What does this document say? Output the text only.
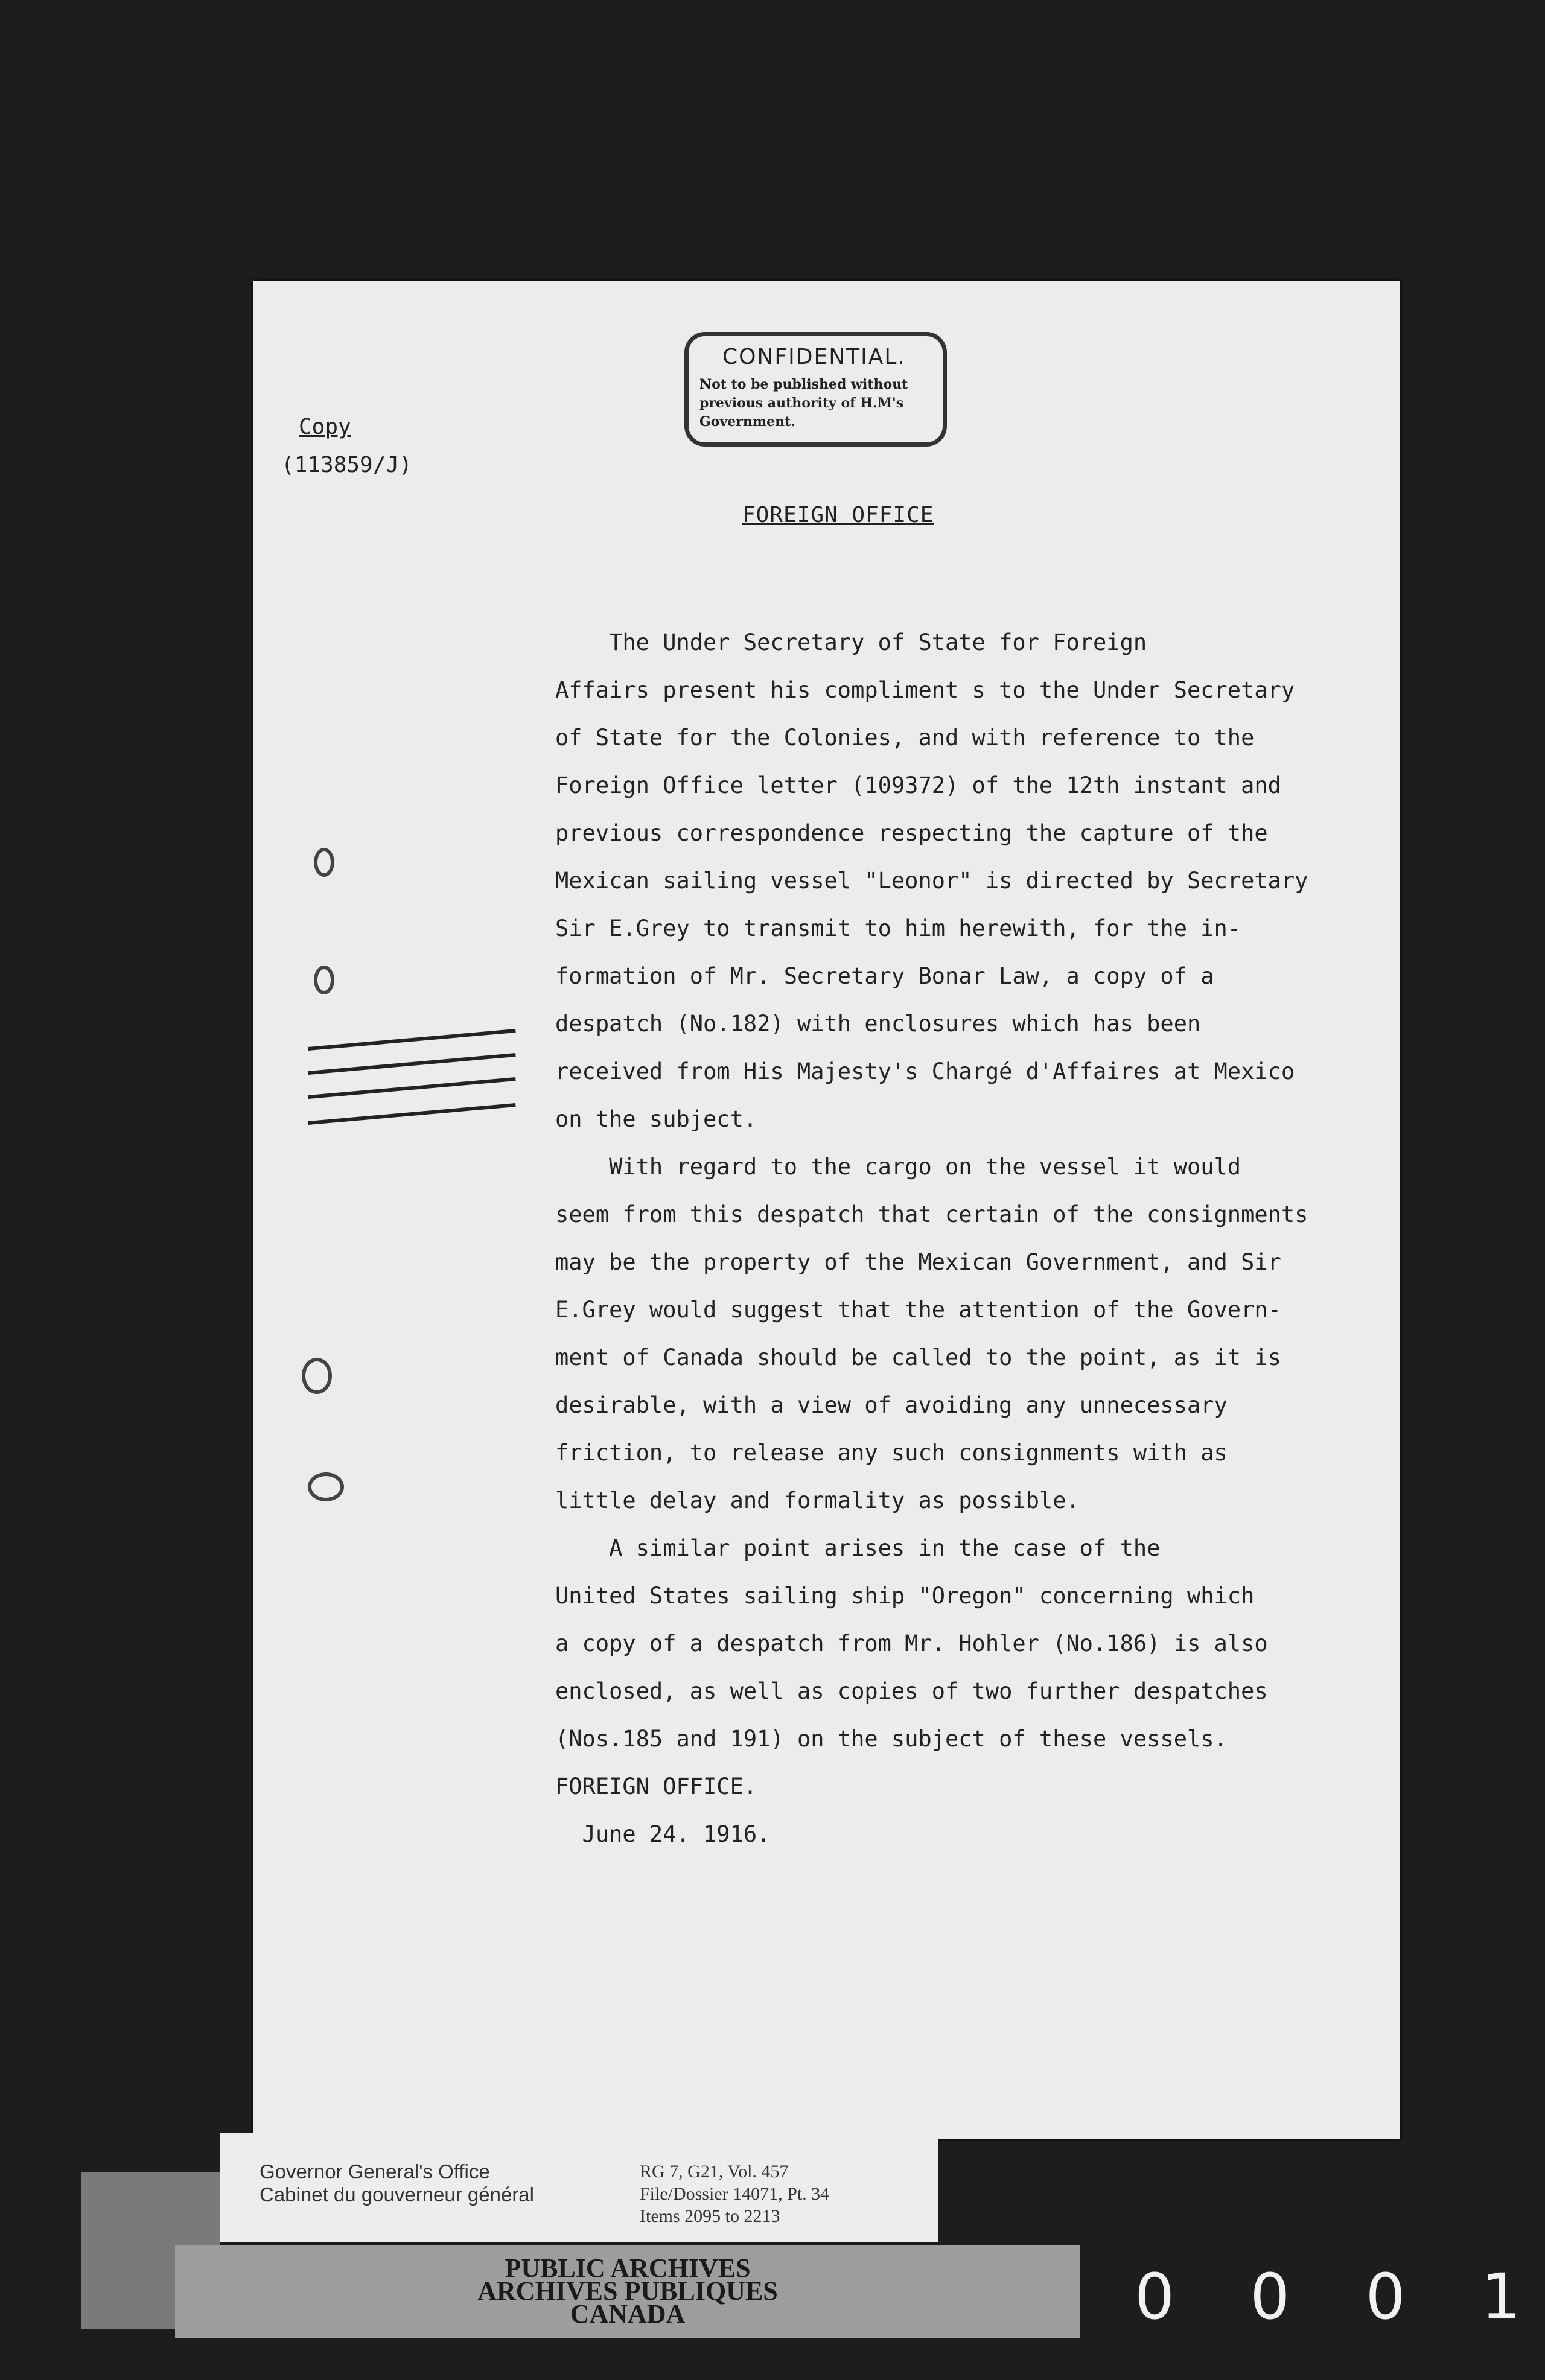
CONFIDENTIAL.
Not to be published without
previous authority of H.M's
Government.
Copy
(113859/J)
FOREIGN OFFICE
The Under Secretary of State for Foreign
Affairs present his compliment s to the Under Secretary
of State for the Colonies, and with reference to the
Foreign Office letter (109372) of the 12th instant and
previous correspondence respecting the capture of the
Mexican sailing vessel "Leonor" is directed by Secretary
Sir E.Grey to transmit to him herewith, for the in-
formation of Mr. Secretary Bonar Law, a copy of a
despatch (No.182) with enclosures which has been
received from His Majesty's Chargé d'Affaires at Mexico
on the subject.
With regard to the cargo on the vessel it would
seem from this despatch that certain of the consignments
may be the property of the Mexican Government, and Sir
E.Grey would suggest that the attention of the Govern-
ment of Canada should be called to the point, as it is
desirable, with a view of avoiding any unnecessary
friction, to release any such consignments with as
little delay and formality as possible.
A similar point arises in the case of the
United States sailing ship "Oregon" concerning which
a copy of a despatch from Mr. Hohler (No.186) is also
enclosed, as well as copies of two further despatches
(Nos.185 and 191) on the subject of these vessels.
FOREIGN OFFICE.
June 24. 1916.
Governor General's Office
Cabinet du gouverneur général
RG 7, G21, Vol. 457
File/Dossier 14071, Pt. 34
Items 2095 to 2213
PUBLIC ARCHIVES
ARCHIVES PUBLIQUES
CANADA	0 0 0 1
